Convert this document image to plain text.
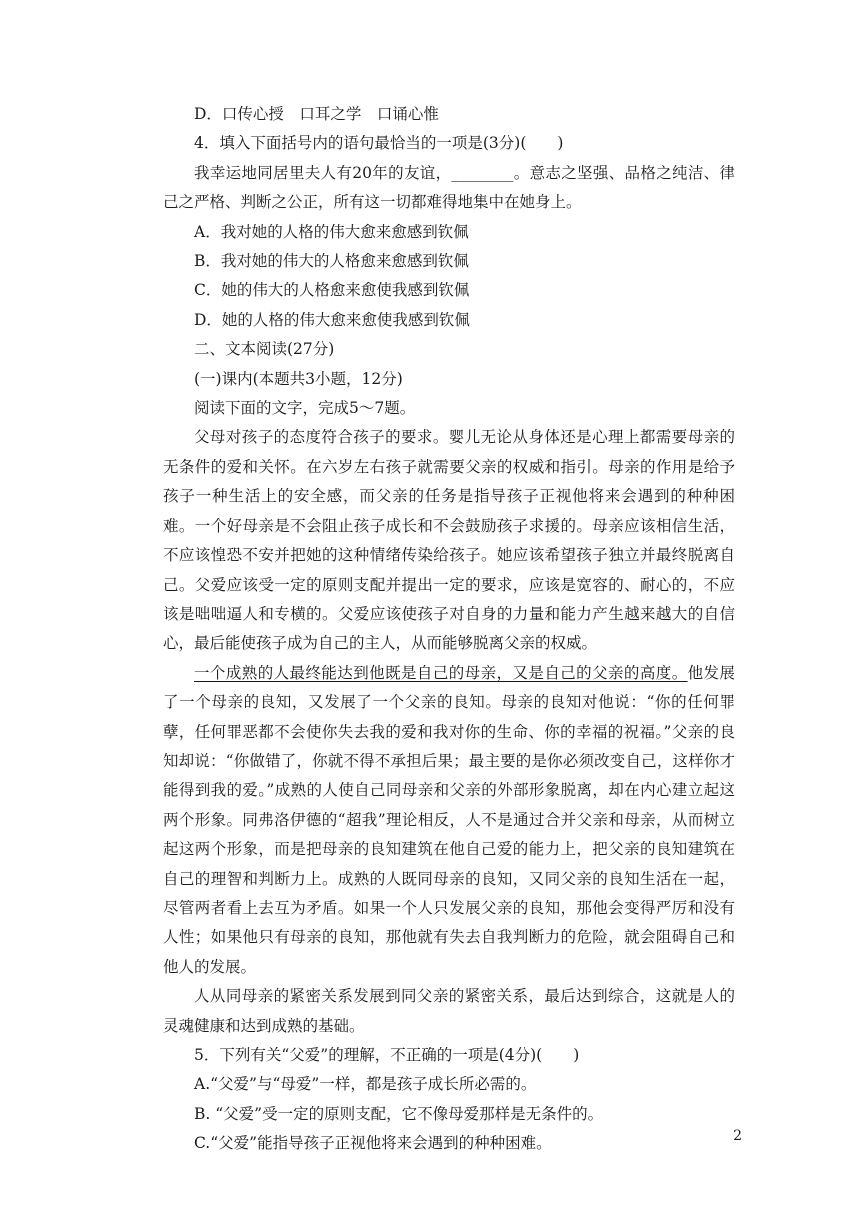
D．口传心授　口耳之学　口诵心惟
4．填入下面括号内的语句最恰当的一项是(3分)(　　)
我幸运地同居里夫人有20年的友谊，________。意志之坚强、品格之纯洁、律己之严格、判断之公正，所有这一切都难得地集中在她身上。
A．我对她的人格的伟大愈来愈感到钦佩
B．我对她的伟大的人格愈来愈感到钦佩
C．她的伟大的人格愈来愈使我感到钦佩
D．她的人格的伟大愈来愈使我感到钦佩
二、文本阅读(27分)
(一)课内(本题共3小题，12分)
阅读下面的文字，完成5～7题。
父母对孩子的态度符合孩子的要求。婴儿无论从身体还是心理上都需要母亲的无条件的爱和关怀。在六岁左右孩子就需要父亲的权威和指引。母亲的作用是给予孩子一种生活上的安全感，而父亲的任务是指导孩子正视他将来会遇到的种种困难。一个好母亲是不会阻止孩子成长和不会鼓励孩子求援的。母亲应该相信生活，不应该惶恐不安并把她的这种情绪传染给孩子。她应该希望孩子独立并最终脱离自己。父爱应该受一定的原则支配并提出一定的要求，应该是宽容的、耐心的，不应该是咄咄逼人和专横的。父爱应该使孩子对自身的力量和能力产生越来越大的自信心，最后能使孩子成为自己的主人，从而能够脱离父亲的权威。
一个成熟的人最终能达到他既是自己的母亲，又是自己的父亲的高度。他发展了一个母亲的良知，又发展了一个父亲的良知。母亲的良知对他说：“你的任何罪孽，任何罪恶都不会使你失去我的爱和我对你的生命、你的幸福的祝福。”父亲的良知却说：“你做错了，你就不得不承担后果；最主要的是你必须改变自己，这样你才能得到我的爱。”成熟的人使自己同母亲和父亲的外部形象脱离，却在内心建立起这两个形象。同弗洛伊德的“超我”理论相反，人不是通过合并父亲和母亲，从而树立起这两个形象，而是把母亲的良知建筑在他自己爱的能力上，把父亲的良知建筑在自己的理智和判断力上。成熟的人既同母亲的良知，又同父亲的良知生活在一起，尽管两者看上去互为矛盾。如果一个人只发展父亲的良知，那他会变得严厉和没有人性；如果他只有母亲的良知，那他就有失去自我判断力的危险，就会阻碍自己和他人的发展。
人从同母亲的紧密关系发展到同父亲的紧密关系，最后达到综合，这就是人的灵魂健康和达到成熟的基础。
5．下列有关“父爱”的理解，不正确的一项是(4分)(　　)
A.“父爱”与“母爱”一样，都是孩子成长所必需的。
B. “父爱”受一定的原则支配，它不像母爱那样是无条件的。
C.“父爱”能指导孩子正视他将来会遇到的种种困难。	2
